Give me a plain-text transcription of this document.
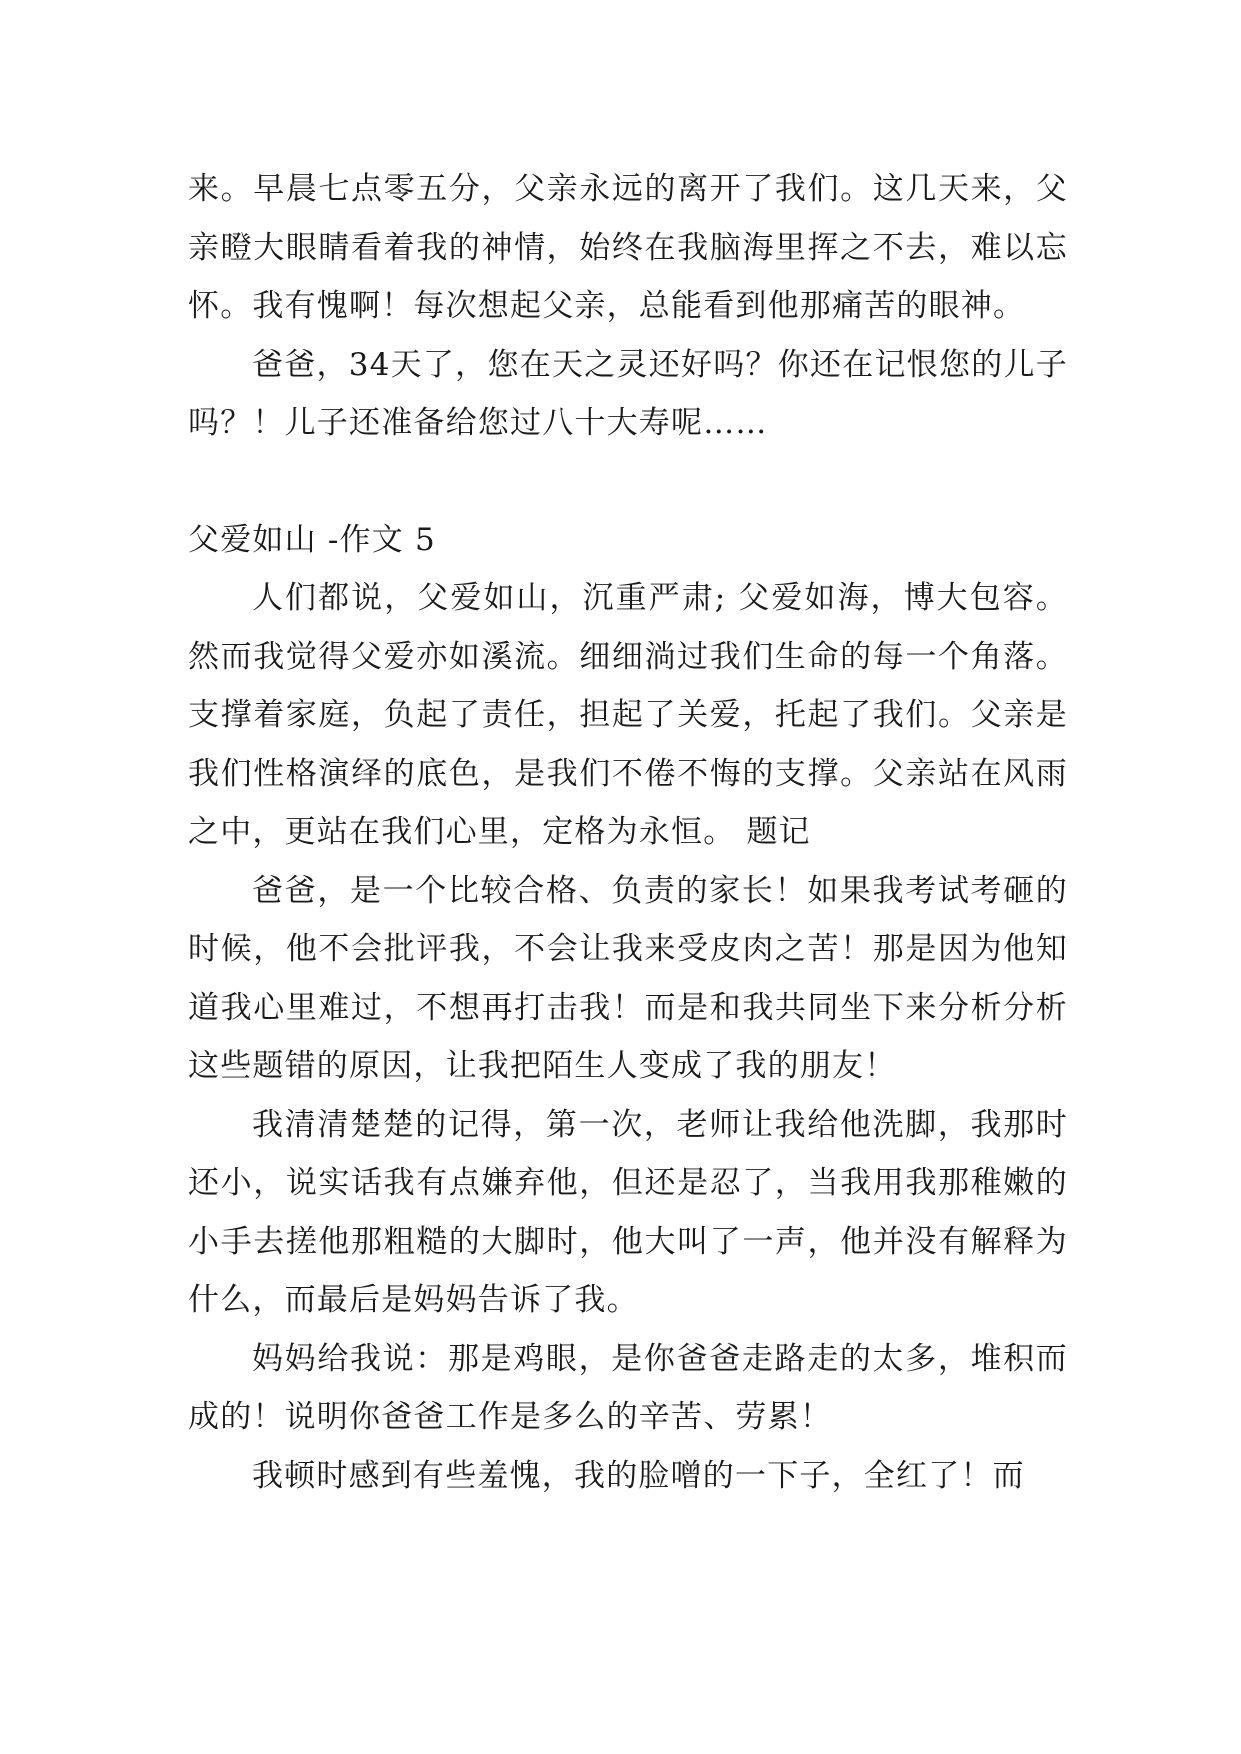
来。早晨七点零五分，父亲永远的离开了我们。这几天来，父亲瞪大眼睛看着我的神情，始终在我脑海里挥之不去，难以忘怀。我有愧啊！每次想起父亲，总能看到他那痛苦的眼神。

爸爸，34天了，您在天之灵还好吗？你还在记恨您的儿子吗？！儿子还准备给您过八十大寿呢……

父爱如山 -作文 5

人们都说，父爱如山，沉重严肃; 父爱如海，博大包容。然而我觉得父爱亦如溪流。细细淌过我们生命的每一个角落。支撑着家庭，负起了责任，担起了关爱，托起了我们。父亲是我们性格演绎的底色，是我们不倦不悔的支撑。父亲站在风雨之中，更站在我们心里，定格为永恒。 题记

爸爸，是一个比较合格、负责的家长！如果我考试考砸的时候，他不会批评我，不会让我来受皮肉之苦！那是因为他知道我心里难过，不想再打击我！而是和我共同坐下来分析分析这些题错的原因，让我把陌生人变成了我的朋友！

我清清楚楚的记得，第一次，老师让我给他洗脚，我那时还小，说实话我有点嫌弃他，但还是忍了，当我用我那稚嫩的小手去搓他那粗糙的大脚时，他大叫了一声，他并没有解释为什么，而最后是妈妈告诉了我。

妈妈给我说：那是鸡眼，是你爸爸走路走的太多，堆积而成的！说明你爸爸工作是多么的辛苦、劳累！

我顿时感到有些羞愧，我的脸噌的一下子，全红了！而
